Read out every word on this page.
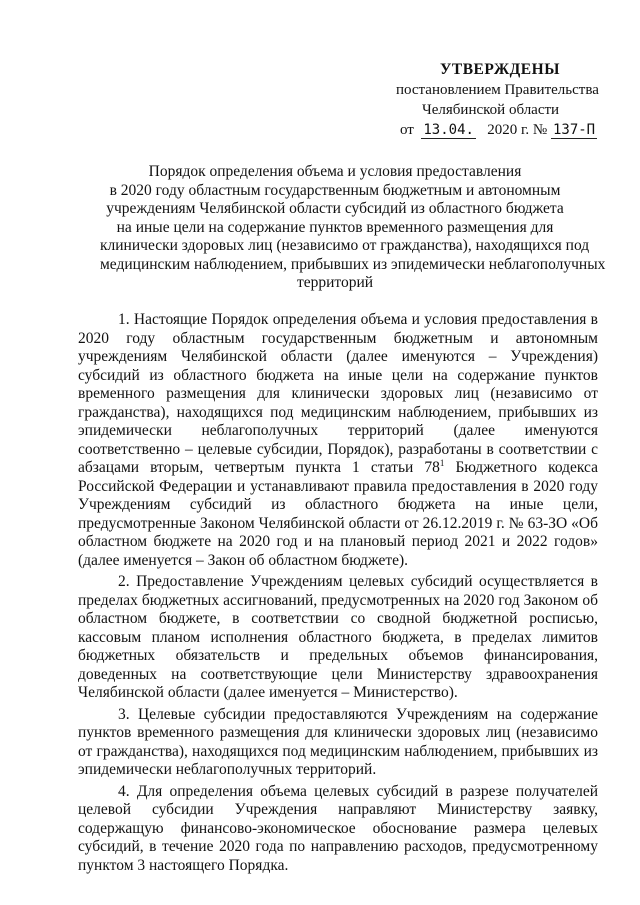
УТВЕРЖДЕНЫ
постановлением Правительства
Челябинской области
от 13.04. 2020 г. № 137-П
Порядок определения объема и условия предоставления
в 2020 году областным государственным бюджетным и автономным
учреждениям Челябинской области субсидий из областного бюджета
на иные цели на содержание пунктов временного размещения для
клинически здоровых лиц (независимо от гражданства), находящихся под
медицинским наблюдением, прибывших из эпидемически неблагополучных
территорий

1. Настоящие Порядок определения объема и условия предоставления в 2020 году областным государственным бюджетным и автономным учреждениям Челябинской области (далее именуются – Учреждения) субсидий из областного бюджета на иные цели на содержание пунктов временного размещения для клинически здоровых лиц (независимо от гражданства), находящихся под медицинским наблюдением, прибывших из эпидемически неблагополучных территорий (далее именуются соответственно – целевые субсидии, Порядок), разработаны в соответствии с абзацами вторым, четвертым пункта 1 статьи $78^1$ Бюджетного кодекса Российской Федерации и устанавливают правила предоставления в 2020 году Учреждениям субсидий из областного бюджета на иные цели, предусмотренные Законом Челябинской области от 26.12.2019 г. № 63-ЗО «Об областном бюджете на 2020 год и на плановый период 2021 и 2022 годов» (далее именуется – Закон об областном бюджете).

2. Предоставление Учреждениям целевых субсидий осуществляется в пределах бюджетных ассигнований, предусмотренных на 2020 год Законом об областном бюджете, в соответствии со сводной бюджетной росписью, кассовым планом исполнения областного бюджета, в пределах лимитов бюджетных обязательств и предельных объемов финансирования, доведенных на соответствующие цели Министерству здравоохранения Челябинской области (далее именуется – Министерство).

3. Целевые субсидии предоставляются Учреждениям на содержание пунктов временного размещения для клинически здоровых лиц (независимо от гражданства), находящихся под медицинским наблюдением, прибывших из эпидемически неблагополучных территорий.

4. Для определения объема целевых субсидий в разрезе получателей целевой субсидии Учреждения направляют Министерству заявку, содержащую финансово-экономическое обоснование размера целевых субсидий, в течение 2020 года по направлению расходов, предусмотренному пунктом 3 настоящего Порядка.
